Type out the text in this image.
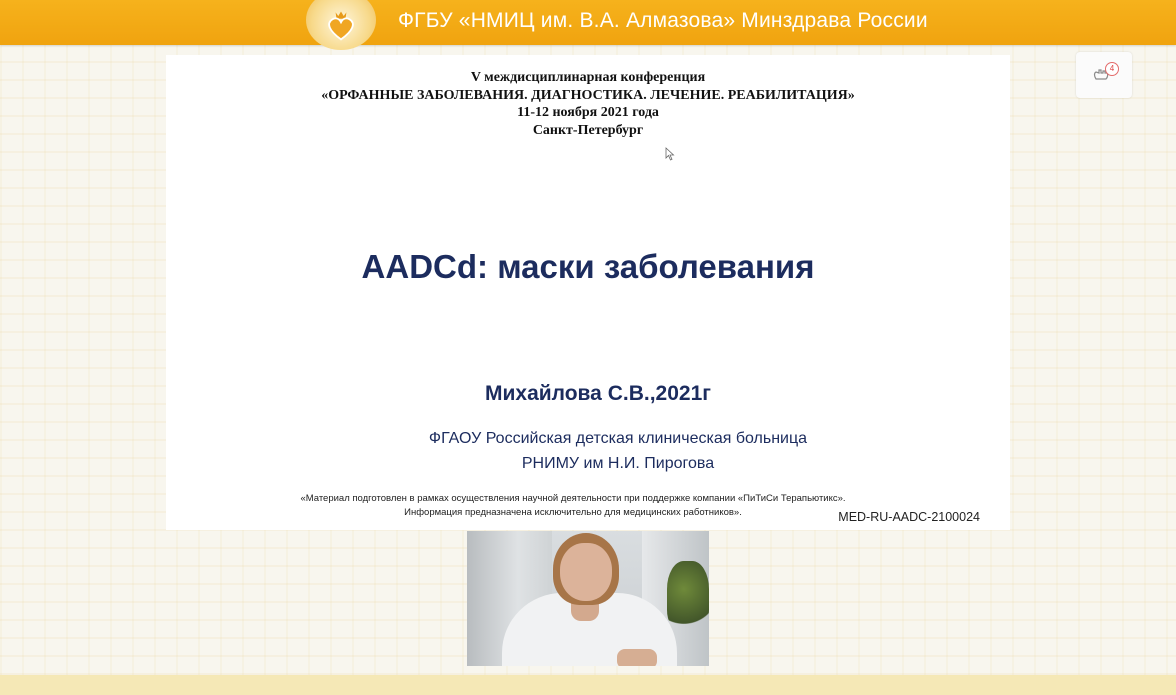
ФГБУ «НМИЦ им. В.А. Алмазова» Минздрава России
V междисциплинарная конференция
«ОРФАННЫЕ ЗАБОЛЕВАНИЯ. ДИАГНОСТИКА. ЛЕЧЕНИЕ. РЕАБИЛИТАЦИЯ»
11-12 ноября 2021 года
Санкт-Петербург
AADCd: маски заболевания
Михайлова С.В.,2021г
ФГАОУ Российская детская клиническая больница
РНИМУ им Н.И. Пирогова
«Материал подготовлен в рамках осуществления научной деятельности при поддержке компании «ПиТиСи Терапьютикс».
Информация предназначена исключительно для медицинских работников».	MED-RU-AADC-2100024
4
